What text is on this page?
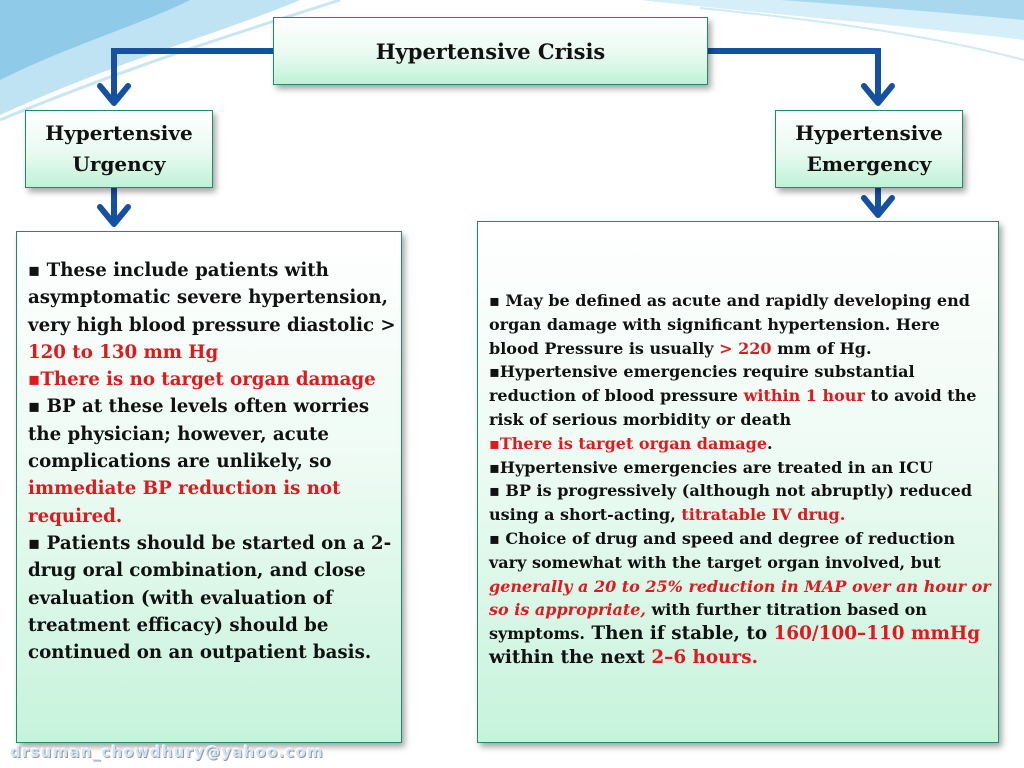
Hypertensive Crisis
Hypertensive
Urgency
Hypertensive
Emergency

▪ These include patients with asymptomatic severe hypertension, very high blood pressure diastolic > 120 to 130 mm Hg

▪There is no target organ damage

▪ BP at these levels often worries the physician; however, acute complications are unlikely, so immediate BP reduction is not required.

▪ Patients should be started on a 2-drug oral combination, and close evaluation (with evaluation of treatment efficacy) should be continued on an outpatient basis.

▪ May be defined as acute and rapidly developing end organ damage with significant hypertension. Here blood Pressure is usually > 220 mm of Hg.

▪Hypertensive emergencies require substantial reduction of blood pressure within 1 hour to avoid the risk of serious morbidity or death

▪There is target organ damage.

▪Hypertensive emergencies are treated in an ICU

▪ BP is progressively (although not abruptly) reduced using a short-acting, titratable IV drug.

▪ Choice of drug and speed and degree of reduction vary somewhat with the target organ involved, but generally a 20 to 25% reduction in MAP over an hour or so is appropriate, with further titration based on symptoms. Then if stable, to 160/100–110 mmHg within the next 2–6 hours.

drsuman_chowdhury@yahoo.com
